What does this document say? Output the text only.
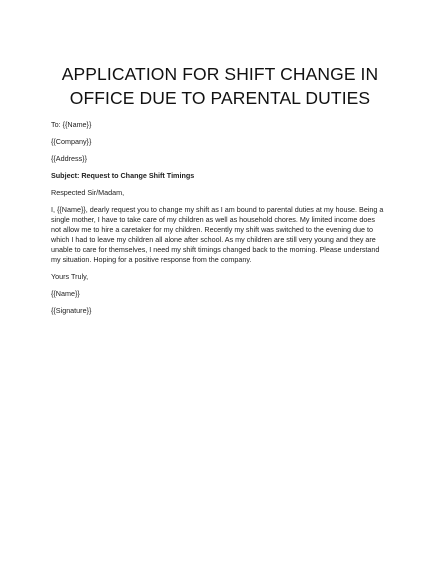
APPLICATION FOR SHIFT CHANGE IN
OFFICE DUE TO PARENTAL DUTIES
To: {{Name}}
{{Company}}
{{Address}}
Subject: Request to Change Shift Timings
Respected Sir/Madam,
I, {{Name}}, dearly request you to change my shift as I am bound to parental duties at my house. Being a
single mother, I have to take care of my children as well as household chores. My limited income does
not allow me to hire a caretaker for my children. Recently my shift was switched to the evening due to
which I had to leave my children all alone after school. As my children are still very young and they are
unable to care for themselves, I need my shift timings changed back to the morning. Please understand
my situation. Hoping for a positive response from the company.
Yours Truly,
{{Name}}
{{Signature}}
